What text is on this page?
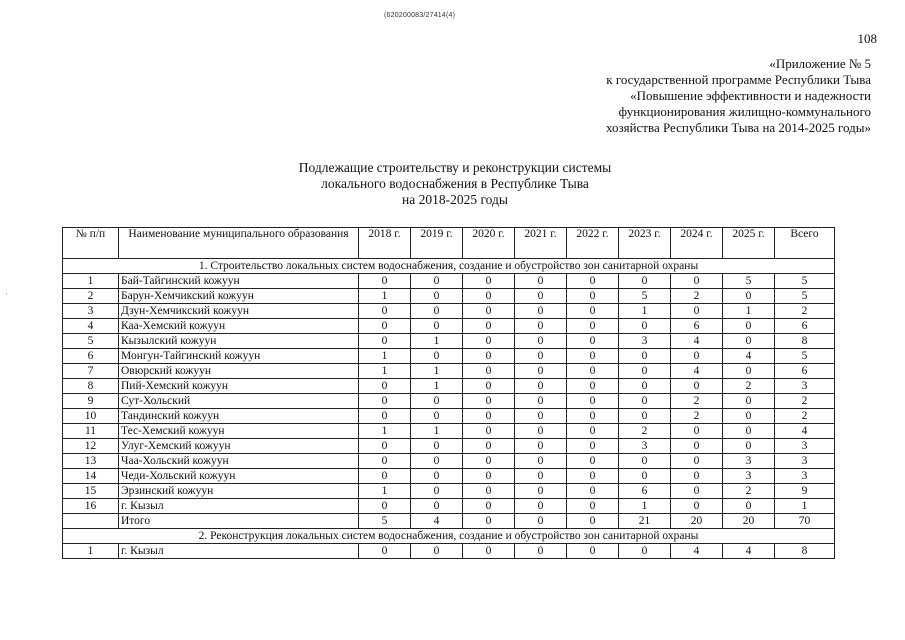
(620200083/27414(4)
108
«Приложение № 5
к государственной программе Республики Тыва
«Повышение эффективности и надежности
функционирования жилищно-коммунального
хозяйства Республики Тыва на 2014-2025 годы»
Подлежащие строительству и реконструкции системы
локального водоснабжения в Республике Тыва
на 2018-2025 годы
№ п/п	Наименование муниципального образования	2018 г.	2019 г.	2020 г.	2021 г.	2022 г.	2023 г.	2024 г.	2025 г.	Всего
1. Строительство локальных систем водоснабжения, создание и обустройство зон санитарной охраны										
1	Бай-Тайгинский кожуун	0	0	0	0	0	0	0	5	5
2	Барун-Хемчикский кожуун	1	0	0	0	0	5	2	0	5
3	Дзун-Хемчикский кожуун	0	0	0	0	0	1	0	1	2
4	Каа-Хемский кожуун	0	0	0	0	0	0	6	0	6
5	Кызылский кожуун	0	1	0	0	0	3	4	0	8
6	Монгун-Тайгинский кожуун	1	0	0	0	0	0	0	4	5
7	Овюрский кожуун	1	1	0	0	0	0	4	0	6
8	Пий-Хемский кожуун	0	1	0	0	0	0	0	2	3
9	Сут-Хольский	0	0	0	0	0	0	2	0	2
10	Тандинский кожуун	0	0	0	0	0	0	2	0	2
11	Тес-Хемский кожуун	1	1	0	0	0	2	0	0	4
12	Улуг-Хемский кожуун	0	0	0	0	0	3	0	0	3
13	Чаа-Хольский кожуун	0	0	0	0	0	0	0	3	3
14	Чеди-Хольский кожуун	0	0	0	0	0	0	0	3	3
15	Эрзинский кожуун	1	0	0	0	0	6	0	2	9
16	г. Кызыл	0	0	0	0	0	1	0	0	1
	Итого	5	4	0	0	0	21	20	20	70
2. Реконструкция локальных систем водоснабжения, создание и обустройство зон санитарной охраны										
1	г. Кызыл	0	0	0	0	0	0	4	4	8
·
